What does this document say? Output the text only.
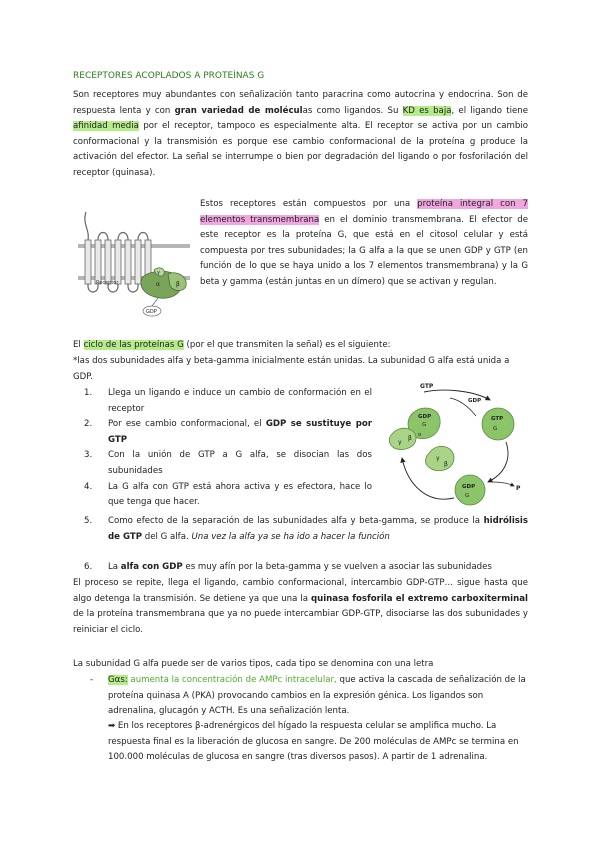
RECEPTORES ACOPLADOS A PROTEÍNAS G

Son receptores muy abundantes con señalización tanto paracrina como autocrina y endocrina. Son de respuesta lenta y con gran variedad de moléculas como ligandos. Su KD es baja, el ligando tiene afinidad media por el receptor, tampoco es especialmente alta. El receptor se activa por un cambio conformacional y la transmisión es porque ese cambio conformacional de la proteína g produce la activación del efector. La señal se interrumpe o bien por degradación del ligando o por fosforilación del receptor (quinasa).

Receptor	α	β
γ
GDP

Estos receptores están compuestos por una proteína integral con 7 elementos transmembrana en el dominio transmembrana. El efector de este receptor es la proteína G, que está en el citosol celular y está compuesta por tres subunidades; la G alfa a la que se unen GDP y GTP (en función de lo que se haya unido a los 7 elementos transmembrana) y la G beta y gamma (están juntas en un dímero) que se activan y regulan.

El ciclo de las proteínas G (por el que transmiten la señal) es el siguiente:

*las dos subunidades alfa y beta-gamma inicialmente están unidas. La subunidad G alfa está unida a GDP.

1. Llega un ligando e induce un cambio de conformación en el receptor
2. Por ese cambio conformacional, el GDP se sustituye por GTP
3. Con la unión de GTP a G alfa, se disocian las dos subunidades
4. La G alfa con GTP está ahora activa y es efectora, hace lo que tenga que hacer.

5. Como efecto de la separación de las subunidades alfa y beta-gamma, se produce la hidrólisis de GTP del G alfa. Una vez la alfa ya se ha ido a hacer la función

6. La alfa con GDP es muy afín por la beta-gamma y se vuelven a asociar las subunidades

GTP
GDP
GDP
G
γ
β α
GTP
G
γ
β
GDP
G
P

El proceso se repite, llega el ligando, cambio conformacional, intercambio GDP-GTP… sigue hasta que algo detenga la transmisión. Se detiene ya que una la quinasa fosforila el extremo carboxiterminal de la proteína transmembrana que ya no puede intercambiar GDP-GTP, disociarse las dos subunidades y reiniciar el ciclo.

La subunidad G alfa puede ser de varios tipos, cada tipo se denomina con una letra

- Gαs: aumenta la concentración de AMPc intracelular, que activa la cascada de señalización de la proteína quinasa A (PKA) provocando cambios en la expresión génica. Los ligandos son adrenalina, glucagón y ACTH. Es una señalización lenta.

➡ En los receptores β-adrenérgicos del hígado la respuesta celular se amplifica mucho. La respuesta final es la liberación de glucosa en sangre. De 200 moléculas de AMPc se termina en 100.000 moléculas de glucosa en sangre (tras diversos pasos). A partir de 1 adrenalina.
